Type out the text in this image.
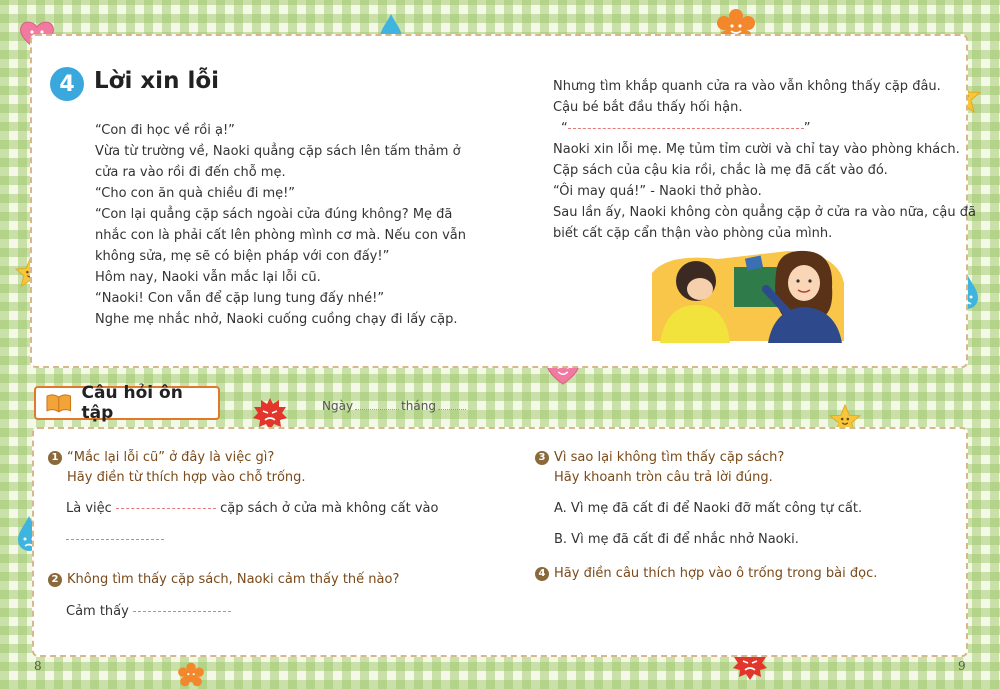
4 Lời xin lỗi
“Con đi học về rồi ạ!”
Vừa từ trường về, Naoki quẳng cặp sách lên tấm thảm ở
cửa ra vào rồi đi đến chỗ mẹ.
“Cho con ăn quà chiều đi mẹ!”
“Con lại quẳng cặp sách ngoài cửa đúng không? Mẹ đã
nhắc con là phải cất lên phòng mình cơ mà. Nếu con vẫn
không sửa, mẹ sẽ có biện pháp với con đấy!”
Hôm nay, Naoki vẫn mắc lại lỗi cũ.
“Naoki! Con vẫn để cặp lung tung đấy nhé!”
Nghe mẹ nhắc nhở, Naoki cuống cuồng chạy đi lấy cặp.
Nhưng tìm khắp quanh cửa ra vào vẫn không thấy cặp đâu.
Cậu bé bắt đầu thấy hối hận.
“	”
Naoki xin lỗi mẹ. Mẹ tủm tỉm cười và chỉ tay vào phòng khách.
Cặp sách của cậu kia rồi, chắc là mẹ đã cất vào đó.
“Ôi may quá!” - Naoki thở phào.
Sau lần ấy, Naoki không còn quẳng cặp ở cửa ra vào nữa, cậu đã
biết cất cặp cẩn thận vào phòng của mình.
Câu hỏi ôn tập	Ngày	tháng
1 “Mắc lại lỗi cũ” ở đây là việc gì?
Hãy điền từ thích hợp vào chỗ trống.
Là việc	cặp sách ở cửa mà không cất vào
2 Không tìm thấy cặp sách, Naoki cảm thấy thế nào?
Cảm thấy
3 Vì sao lại không tìm thấy cặp sách?
Hãy khoanh tròn câu trả lời đúng.
A. Vì mẹ đã cất đi để Naoki đỡ mất công tự cất.
B. Vì mẹ đã cất đi để nhắc nhở Naoki.
4 Hãy điền câu thích hợp vào ô trống trong bài đọc.
8	9
